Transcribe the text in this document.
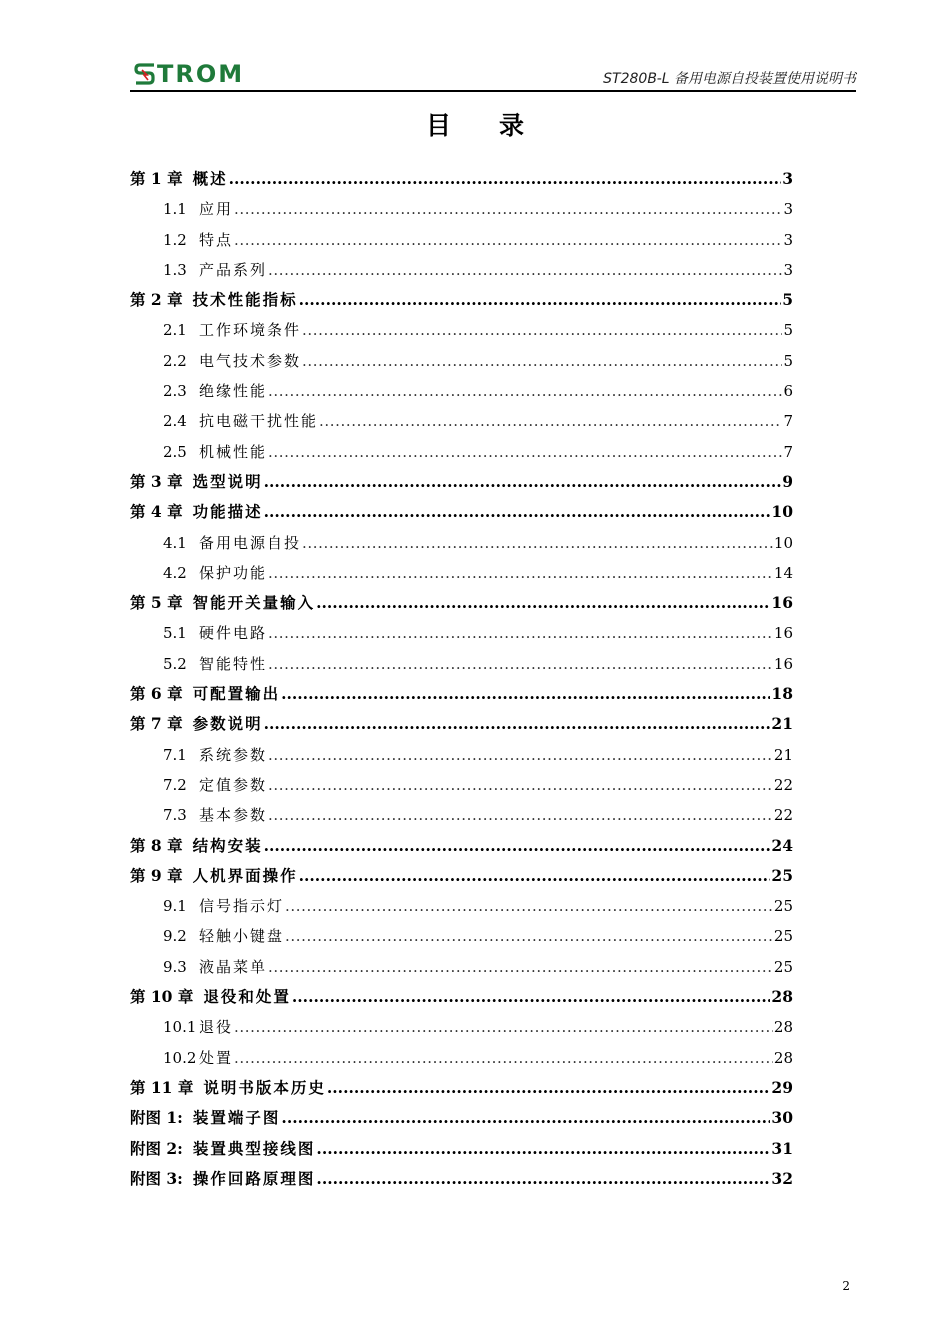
TROM	ST280B-L 备用电源自投装置使用说明书
目录
第 1 章 概述 .....	3
1.1 应用 .....	3
1.2 特点 .....	3
1.3 产品系列 .....	3
第 2 章 技术性能指标 .....	5
2.1 工作环境条件 .....	5
2.2 电气技术参数 .....	5
2.3 绝缘性能 .....	6
2.4 抗电磁干扰性能 .....	7
2.5 机械性能 .....	7
第 3 章 选型说明 .....	9
第 4 章 功能描述 .....	10
4.1 备用电源自投 .....	10
4.2 保护功能 .....	14
第 5 章 智能开关量输入 .....	16
5.1 硬件电路 .....	16
5.2 智能特性 .....	16
第 6 章 可配置输出 .....	18
第 7 章 参数说明 .....	21
7.1 系统参数 .....	21
7.2 定值参数 .....	22
7.3 基本参数 .....	22
第 8 章 结构安装 .....	24
第 9 章 人机界面操作 .....	25
9.1 信号指示灯 .....	25
9.2 轻触小键盘 .....	25
9.3 液晶菜单 .....	25
第 10 章 退役和处置 .....	28
10.1 退役 .....	28
10.2 处置 .....	28
第 11 章 说明书版本历史 .....	29
附图 1: 装置端子图 .....	30
附图 2: 装置典型接线图 .....	31
附图 3: 操作回路原理图 .....	32
2
